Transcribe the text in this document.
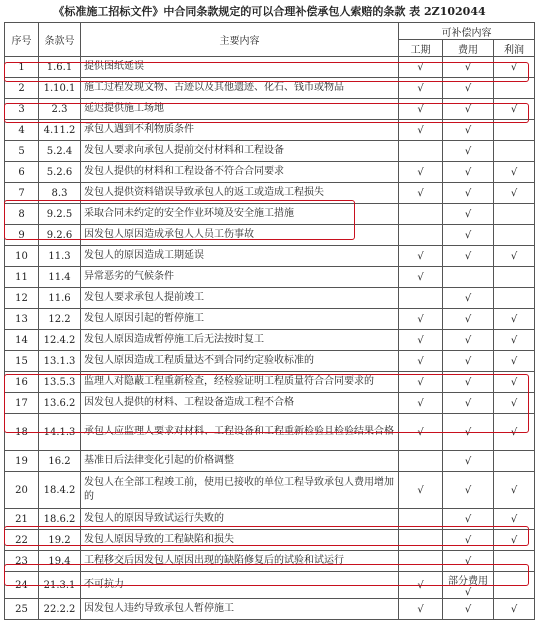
《标准施工招标文件》中合同条款规定的可以合理补偿承包人索赔的条款 表 2Z102044
序号	条款号	主要内容	可补偿内容		
			工期	费用	利润
1	1.6.1	提供图纸延误	√	√	√
2	1.10.1	施工过程发现文物、古迹以及其他遗迹、化石、钱币或物品	√	√	
3	2.3	延迟提供施工场地	√	√	√
4	4.11.2	承包人遇到不利物质条件	√	√	
5	5.2.4	发包人要求向承包人提前交付材料和工程设备		√	
6	5.2.6	发包人提供的材料和工程设备不符合合同要求	√	√	√
7	8.3	发包人提供资料错误导致承包人的返工或造成工程损失	√	√	√
8	9.2.5	采取合同未约定的安全作业环境及安全施工措施		√	
9	9.2.6	因发包人原因造成承包人人员工伤事故		√	
10	11.3	发包人的原因造成工期延误	√	√	√
11	11.4	异常恶劣的气候条件	√		
12	11.6	发包人要求承包人提前竣工		√	
13	12.2	发包人原因引起的暂停施工	√	√	√
14	12.4.2	发包人原因造成暂停施工后无法按时复工	√	√	√
15	13.1.3	发包人原因造成工程质量达不到合同约定验收标准的	√	√	√
16	13.5.3	监理人对隐蔽工程重新检查，经检验证明工程质量符合合同要求的	√	√	√
17	13.6.2	因发包人提供的材料、工程设备造成工程不合格	√	√	√
18	14.1.3	承包人应监理人要求对材料、工程设备和工程重新检验且检验结果合格	√	√	√
19	16.2	基准日后法律变化引起的价格调整		√	
20	18.4.2	发包人在全部工程竣工前，使用已接收的单位工程导致承包人费用增加的	√	√	√
21	18.6.2	发包人的原因导致试运行失败的		√	√
22	19.2	发包人原因导致的工程缺陷和损失		√	√
23	19.4	工程移交后因发包人原因出现的缺陷修复后的试验和试运行		√	
24	21.3.1	不可抗力	√	部分费用√	
25	22.2.2	因发包人违约导致承包人暂停施工	√	√	√
